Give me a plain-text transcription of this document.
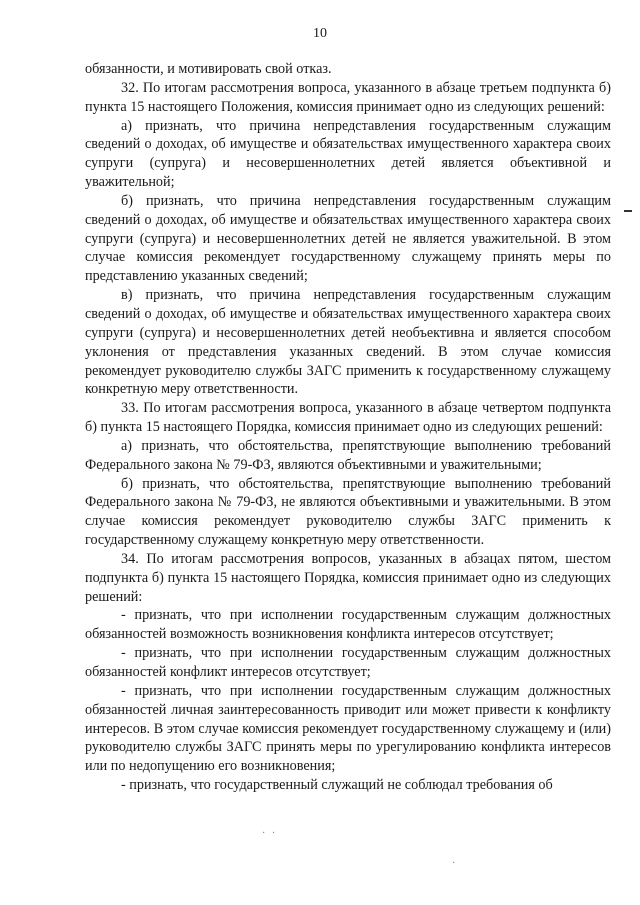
10

обязанности, и мотивировать свой отказ.

32. По итогам рассмотрения вопроса, указанного в абзаце третьем подпункта б) пункта 15 настоящего Положения, комиссия принимает одно из следующих решений:

а) признать, что причина непредставления государственным служащим сведений о доходах, об имуществе и обязательствах имущественного характера своих супруги (супруга) и несовершеннолетних детей является объективной и уважительной;

б) признать, что причина непредставления государственным служащим сведений о доходах, об имуществе и обязательствах имущественного характера своих супруги (супруга) и несовершеннолетних детей не является уважительной. В этом случае комиссия рекомендует государственному служащему принять меры по представлению указанных сведений;

в) признать, что причина непредставления государственным служащим сведений о доходах, об имуществе и обязательствах имущественного характера своих супруги (супруга) и несовершеннолетних детей необъективна и является способом уклонения от представления указанных сведений. В этом случае комиссия рекомендует руководителю службы ЗАГС применить к государственному служащему конкретную меру ответственности.

33. По итогам рассмотрения вопроса, указанного в абзаце четвертом подпункта б) пункта 15 настоящего Порядка, комиссия принимает одно из следующих решений:

а) признать, что обстоятельства, препятствующие выполнению требований Федерального закона № 79-ФЗ, являются объективными и уважительными;

б) признать, что обстоятельства, препятствующие выполнению требований Федерального закона № 79-ФЗ, не являются объективными и уважительными. В этом случае комиссия рекомендует руководителю службы ЗАГС применить к государственному служащему конкретную меру ответственности.

34. По итогам рассмотрения вопросов, указанных в абзацах пятом, шестом подпункта б) пункта 15 настоящего Порядка, комиссия принимает одно из следующих решений:

- признать, что при исполнении государственным служащим должностных обязанностей возможность возникновения конфликта интересов отсутствует;

- признать, что при исполнении государственным служащим должностных обязанностей конфликт интересов отсутствует;

- признать, что при исполнении государственным служащим должностных обязанностей личная заинтересованность приводит или может привести к конфликту интересов. В этом случае комиссия рекомендует государственному служащему и (или) руководителю службы ЗАГС принять меры по урегулированию конфликта интересов или по недопущению его возникновения;

- признать, что государственный служащий не соблюдал требования об

· ·
·
